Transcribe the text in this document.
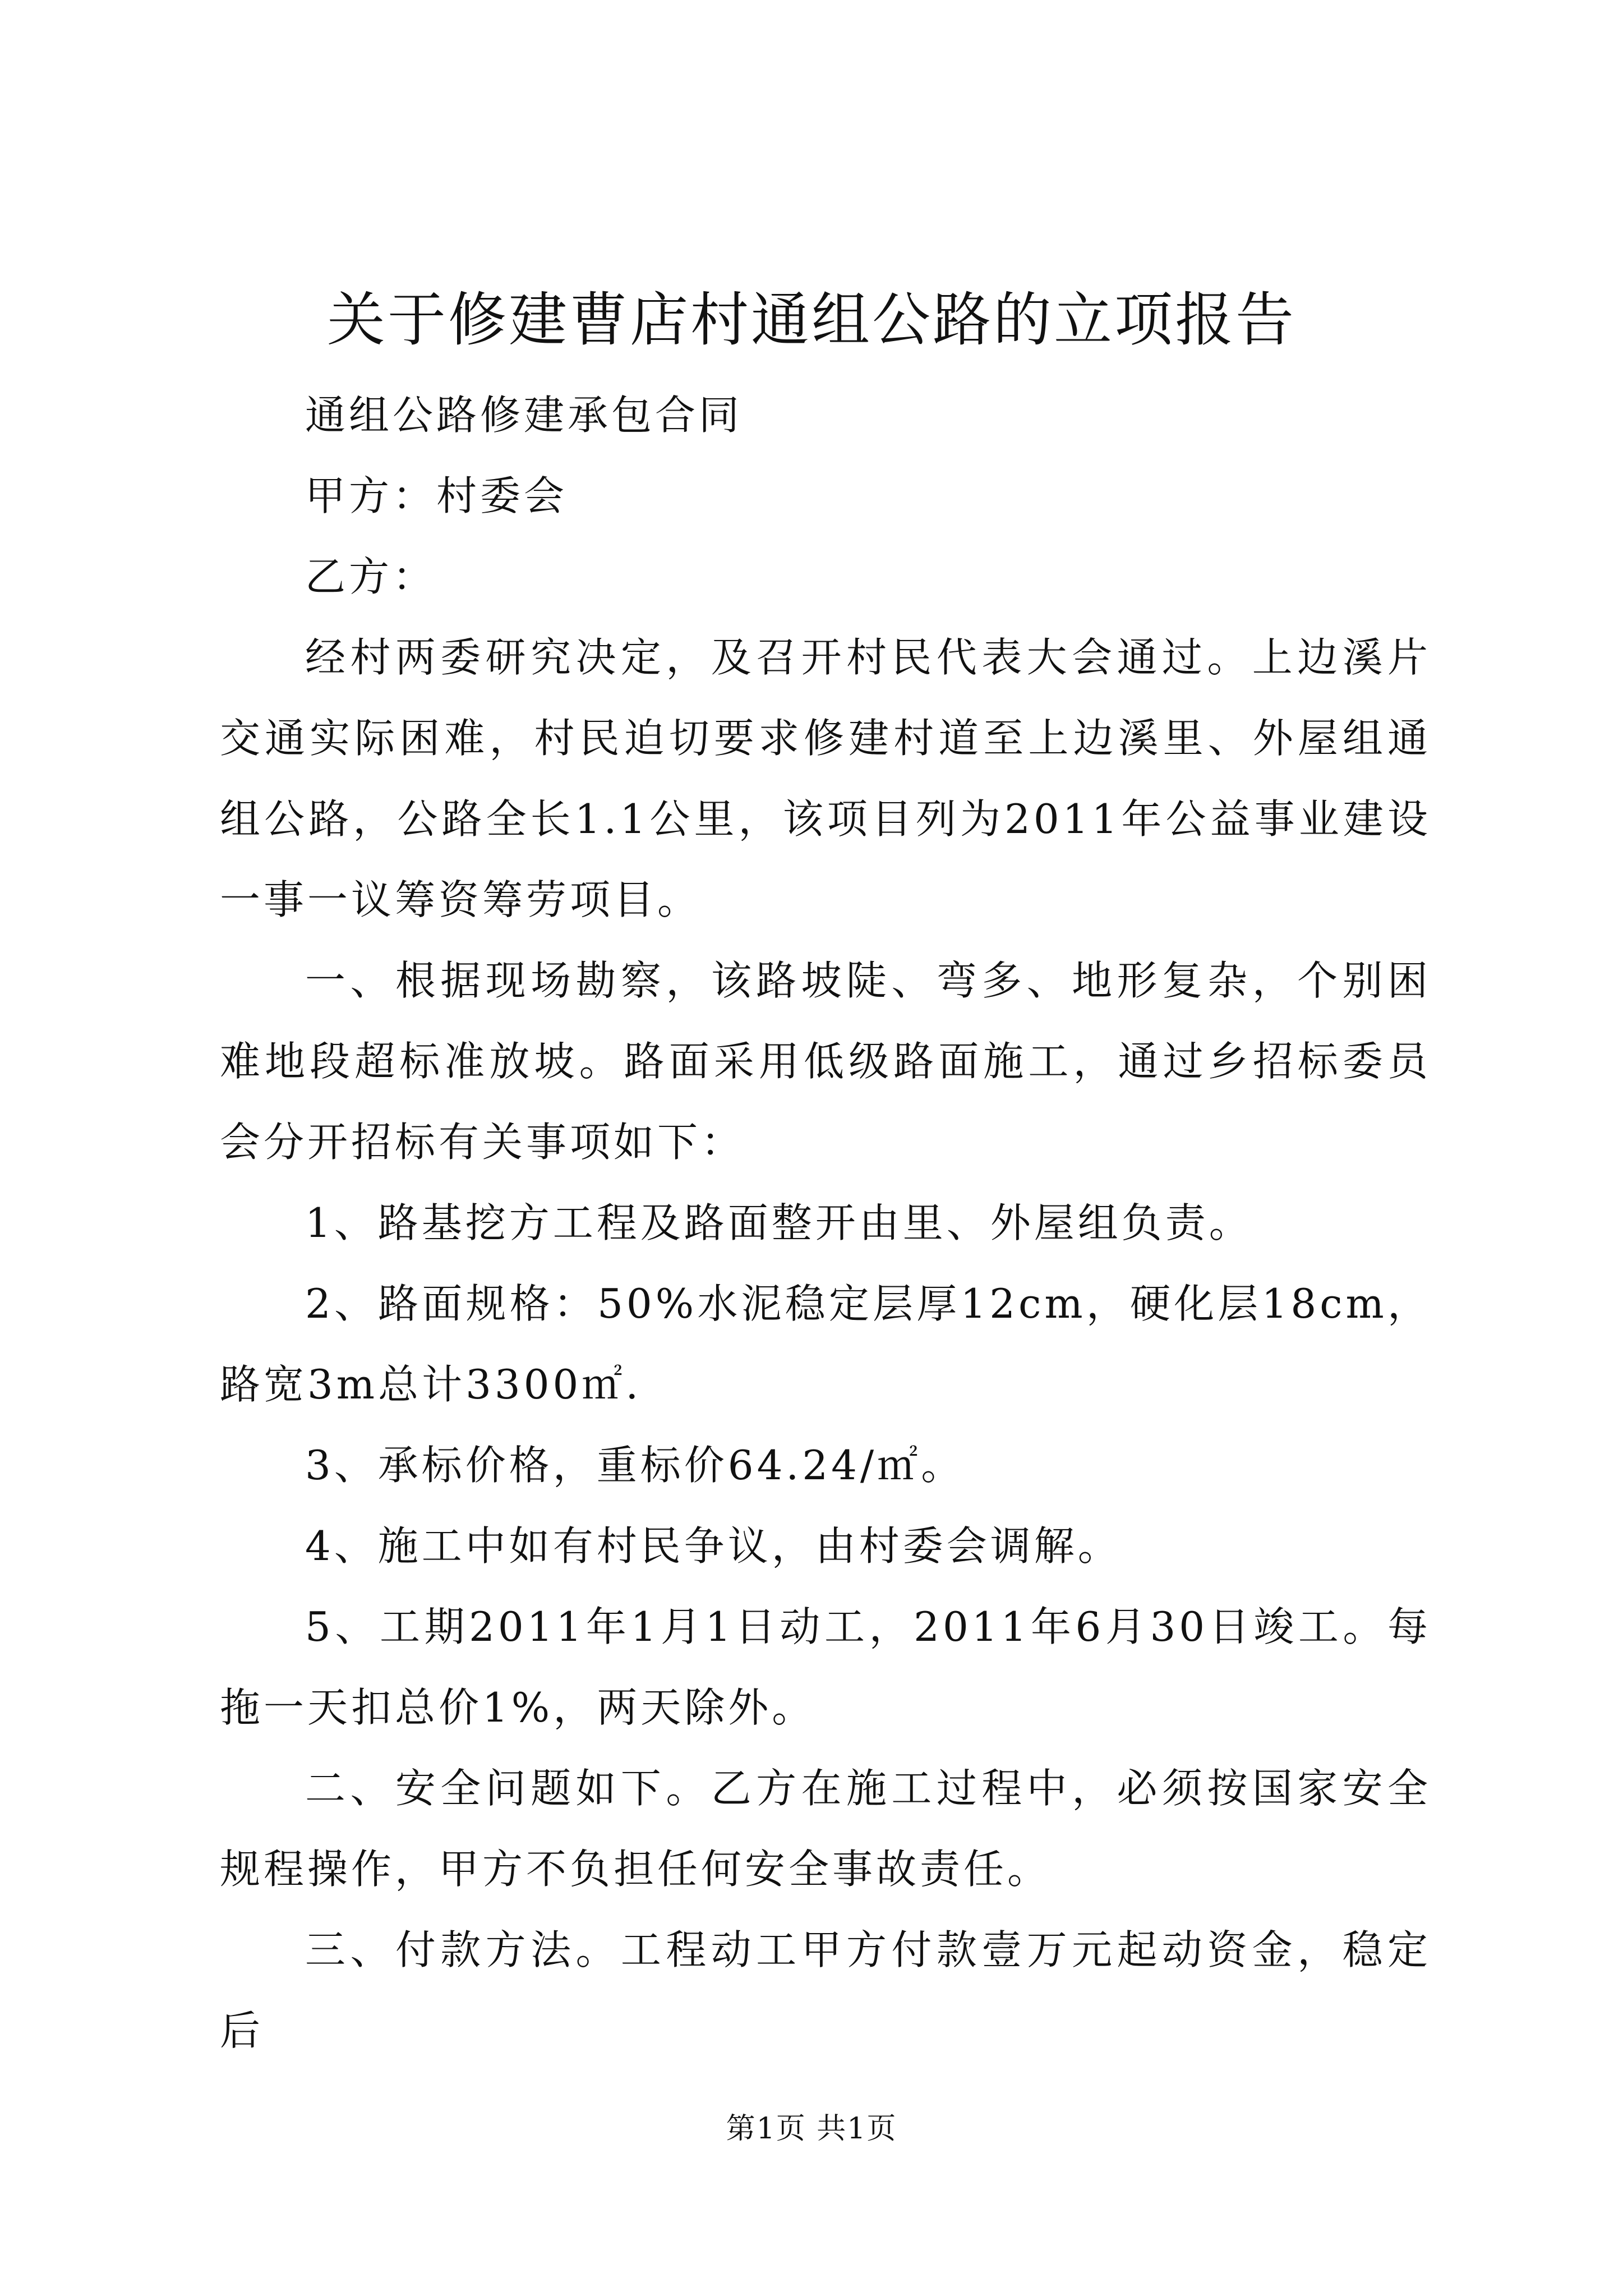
关于修建曹店村通组公路的立项报告

通组公路修建承包合同

甲方：村委会

乙方：

经村两委研究决定，及召开村民代表大会通过。上边溪片交通实际困难，村民迫切要求修建村道至上边溪里、外屋组通组公路，公路全长1.1公里，该项目列为2011年公益事业建设一事一议筹资筹劳项目。

一、根据现场勘察，该路坡陡、弯多、地形复杂，个别困难地段超标准放坡。路面采用低级路面施工，通过乡招标委员会分开招标有关事项如下：

1、路基挖方工程及路面整开由里、外屋组负责。

2、路面规格：50%水泥稳定层厚12cm，硬化层18cm，路宽3m总计3300㎡.

3、承标价格，重标价64.24/㎡。

4、施工中如有村民争议，由村委会调解。

5、工期2011年1月1日动工，2011年6月30日竣工。每拖一天扣总价1%，两天除外。

二、安全问题如下。乙方在施工过程中，必须按国家安全规程操作，甲方不负担任何安全事故责任。

三、付款方法。工程动工甲方付款壹万元起动资金，稳定后

第1页 共1页
